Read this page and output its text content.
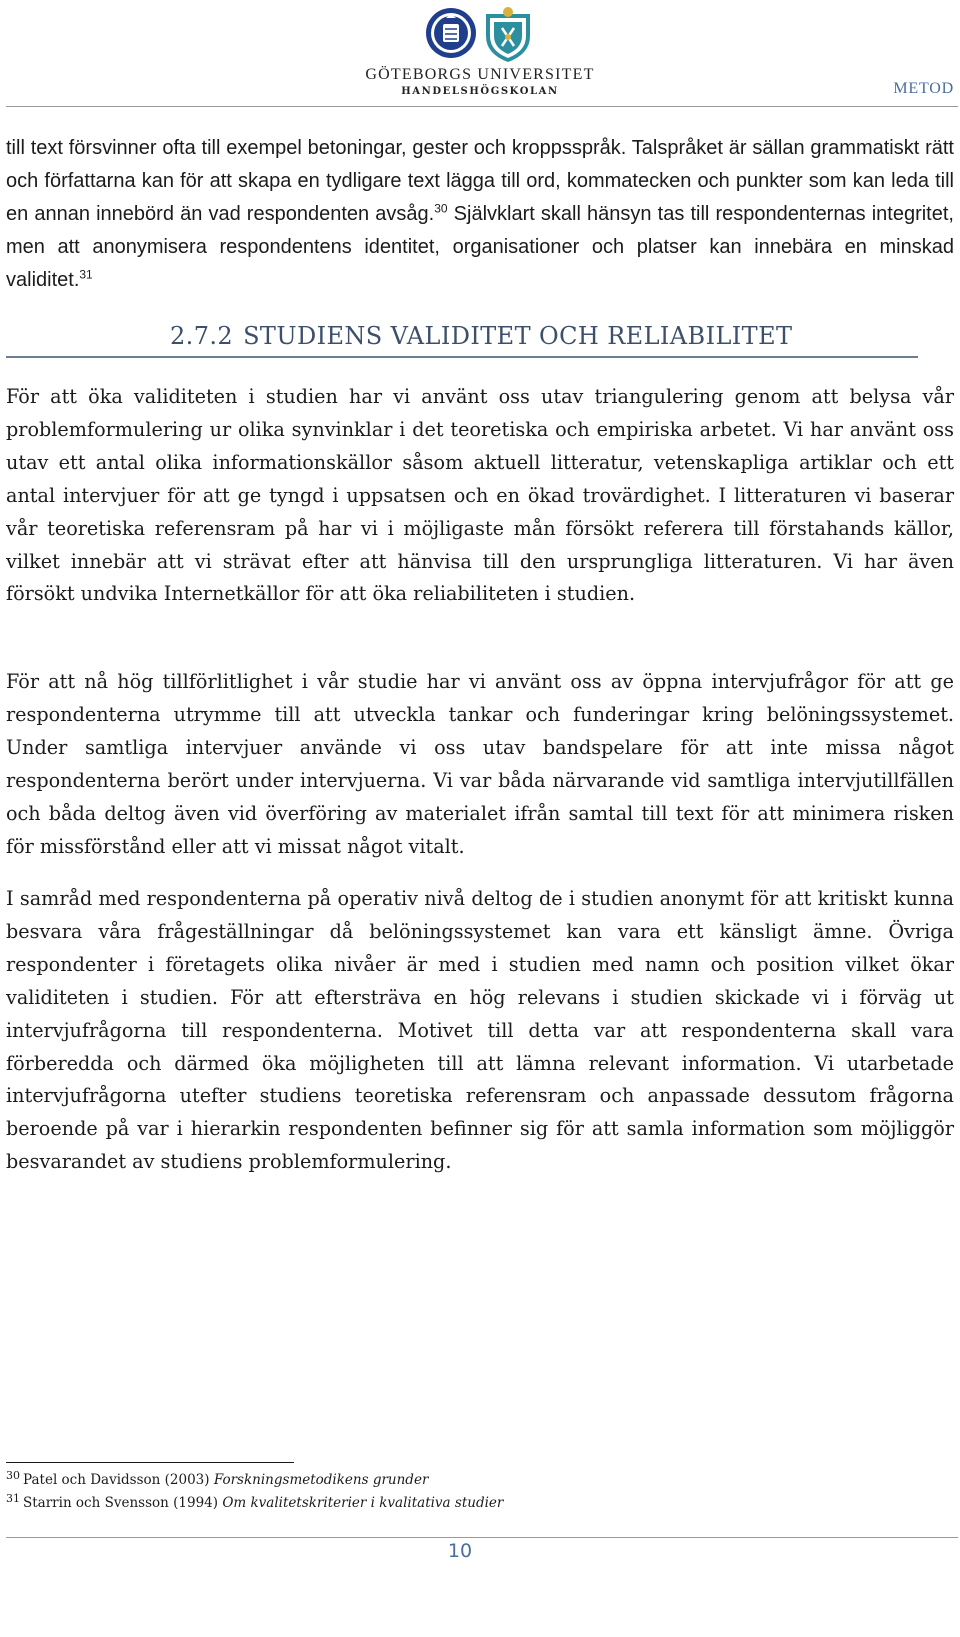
GÖTEBORGS UNIVERSITET
HANDELSHÖGSKOLAN	METOD

till text försvinner ofta till exempel betoningar, gester och kroppsspråk. Talspråket är sällan grammatiskt rätt och författarna kan för att skapa en tydligare text lägga till ord, kommatecken och punkter som kan leda till en annan innebörd än vad respondenten avsåg.$^{30}$ Självklart skall hänsyn tas till respondenternas integritet, men att anonymisera respondentens identitet, organisationer och platser kan innebära en minskad validitet.$^{31}$

2.7.2 STUDIENS VALIDITET OCH RELIABILITET

För att öka validiteten i studien har vi använt oss utav triangulering genom att belysa vår problemformulering ur olika synvinklar i det teoretiska och empiriska arbetet. Vi har använt oss utav ett antal olika informationskällor såsom aktuell litteratur, vetenskapliga artiklar och ett antal intervjuer för att ge tyngd i uppsatsen och en ökad trovärdighet. I litteraturen vi baserar vår teoretiska referensram på har vi i möjligaste mån försökt referera till förstahands källor, vilket innebär att vi strävat efter att hänvisa till den ursprungliga litteraturen. Vi har även försökt undvika Internetkällor för att öka reliabiliteten i studien.

För att nå hög tillförlitlighet i vår studie har vi använt oss av öppna intervjufrågor för att ge respondenterna utrymme till att utveckla tankar och funderingar kring belöningssystemet. Under samtliga intervjuer använde vi oss utav bandspelare för att inte missa något respondenterna berört under intervjuerna. Vi var båda närvarande vid samtliga intervjutillfällen och båda deltog även vid överföring av materialet ifrån samtal till text för att minimera risken för missförstånd eller att vi missat något vitalt.

I samråd med respondenterna på operativ nivå deltog de i studien anonymt för att kritiskt kunna besvara våra frågeställningar då belöningssystemet kan vara ett känsligt ämne. Övriga respondenter i företagets olika nivåer är med i studien med namn och position vilket ökar validiteten i studien. För att eftersträva en hög relevans i studien skickade vi i förväg ut intervjufrågorna till respondenterna. Motivet till detta var att respondenterna skall vara förberedda och därmed öka möjligheten till att lämna relevant information. Vi utarbetade intervjufrågorna utefter studiens teoretiska referensram och anpassade dessutom frågorna beroende på var i hierarkin respondenten befinner sig för att samla information som möjliggör besvarandet av studiens problemformulering.

$^{30}$ Patel och Davidsson (2003) Forskningsmetodikens grunder
$^{31}$ Starrin och Svensson (1994) Om kvalitetskriterier i kvalitativa studier
10
